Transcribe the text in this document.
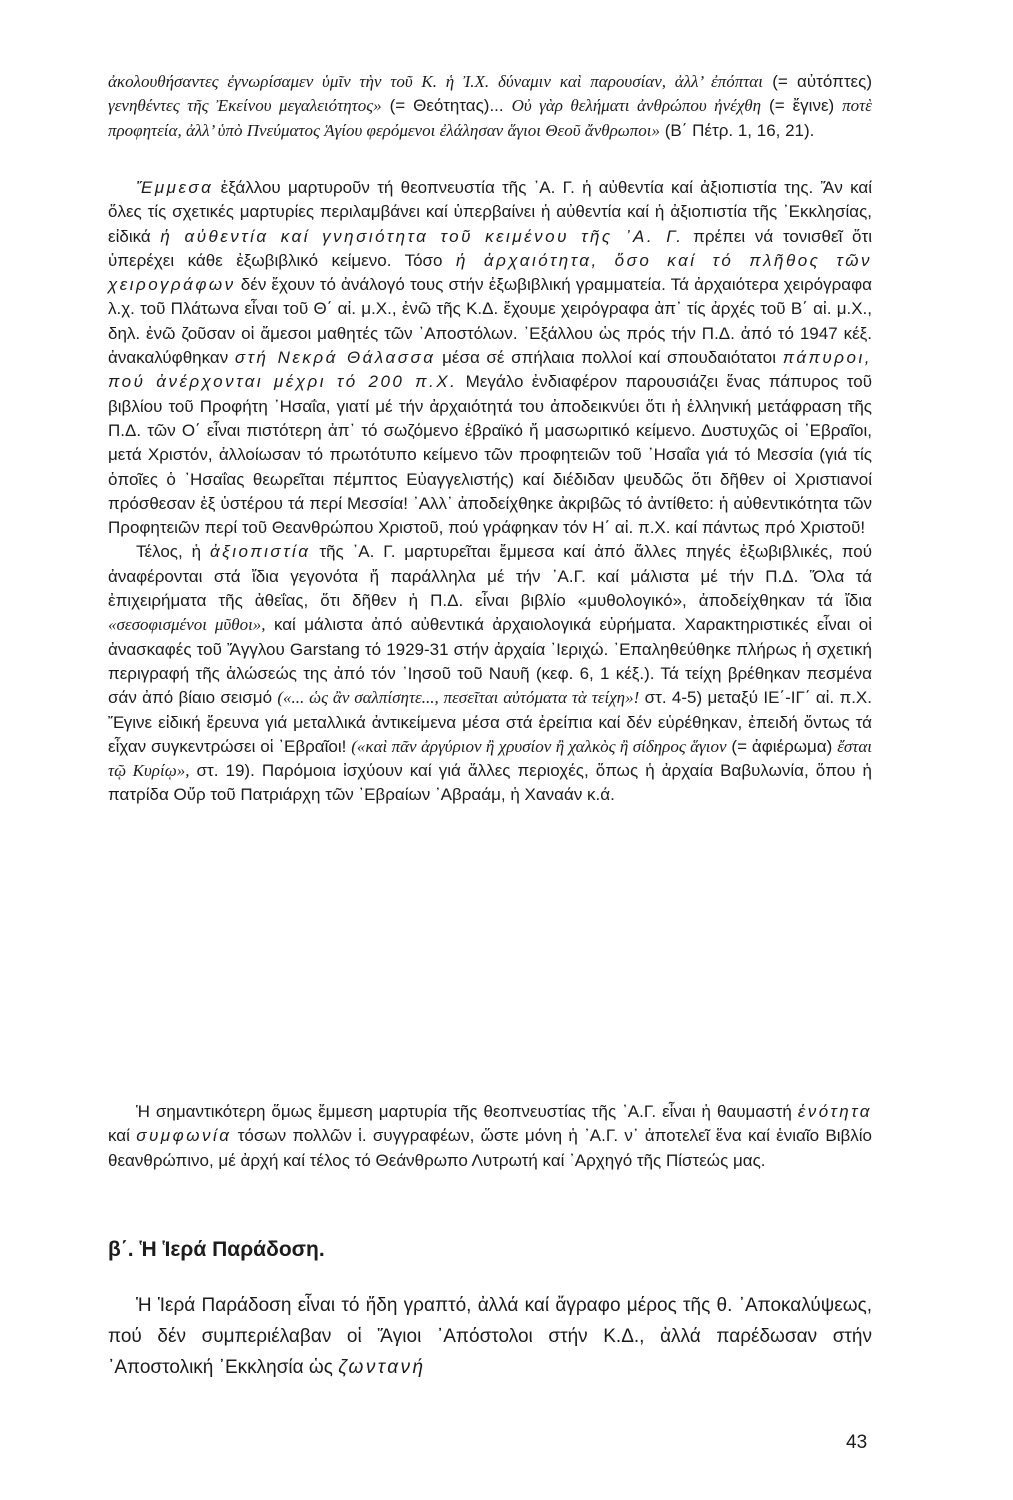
ἀκολουθήσαντες ἐγνωρίσαμεν ὑμῖν τὴν τοῦ Κ. ἡ Ἰ.Χ. δύναμιν καὶ παρουσίαν, ἀλλ’ ἐπόπται (= αὐτόπτες) γενηθέντες τῆς Ἐκείνου μεγαλειότητος» (= Θεότητας)... Οὐ γὰρ θελήματι ἀνθρώπου ἠνέχθη (= ἔγινε) ποτὲ προφητεία, ἀλλ’ ὑπὸ Πνεύματος Ἁγίου φερόμενοι ἐλάλησαν ἅγιοι Θεοῦ ἄνθρωποι» (Β΄ Πέτρ. 1, 16, 21).

Ἔμμεσα ἐξάλλου μαρτυροῦν τή θεοπνευστία τῆς ᾿Α. Γ. ἡ αὐθεντία καί ἀξιοπιστία της. Ἄν καί ὅλες τίς σχετικές μαρτυρίες περιλαμβάνει καί ὑπερβαίνει ἡ αὐθεντία καί ἡ ἀξιοπιστία τῆς ᾿Εκκλησίας, εἰδικά ἡ αὐθεντία καί γνησιότητα τοῦ κειμένου τῆς ᾿Α. Γ. πρέπει νά τονισθεῖ ὅτι ὑπερέχει κάθε ἐξωβιβλικό κείμενο. Τόσο ἡ ἀρχαιότητα, ὅσο καί τό πλῆθος τῶν χειρογράφων δέν ἔχουν τό ἀνάλογό τους στήν ἐξωβιβλική γραμματεία. Τά ἀρχαιότερα χειρόγραφα λ.χ. τοῦ Πλάτωνα εἶναι τοῦ Θ΄ αἰ. μ.Χ., ἐνῶ τῆς Κ.Δ. ἔχουμε χειρόγραφα ἀπ᾿ τίς ἀρχές τοῦ Β΄ αἰ. μ.Χ., δηλ. ἐνῶ ζοῦσαν οἱ ἄμεσοι μαθητές τῶν ᾿Αποστόλων. ᾿Εξάλλου ὡς πρός τήν Π.Δ. ἀπό τό 1947 κέξ. ἀνακαλύφθηκαν στή Νεκρά Θάλασσα μέσα σέ σπήλαια πολλοί καί σπουδαιότατοι πάπυροι, πού ἀνέρχονται μέχρι τό 200 π.Χ. Μεγάλο ἐνδιαφέρον παρουσιάζει ἕνας πάπυρος τοῦ βιβλίου τοῦ Προφήτη ᾿Ησαΐα, γιατί μέ τήν ἀρχαιότητά του ἀποδεικνύει ὅτι ἡ ἑλληνική μετάφραση τῆς Π.Δ. τῶν Ο΄ εἶναι πιστότερη ἀπ᾿ τό σωζόμενο ἑβραϊκό ἤ μασωριτικό κείμενο. Δυστυχῶς οἱ ᾿Εβραῖοι, μετά Χριστόν, ἀλλοίωσαν τό πρωτότυπο κείμενο τῶν προφητειῶν τοῦ ᾿Ησαΐα γιά τό Μεσσία (γιά τίς ὁποῖες ὁ ᾿Ησαΐας θεωρεῖται πέμπτος Εὐαγγελιστής) καί διέδιδαν ψευδῶς ὅτι δῆθεν οἱ Χριστιανοί πρόσθεσαν ἐξ ὑστέρου τά περί Μεσσία! ᾿Αλλ᾿ ἀποδείχθηκε ἀκριβῶς τό ἀντίθετο: ἡ αὐθεντικότητα τῶν Προφητειῶν περί τοῦ Θεανθρώπου Χριστοῦ, πού γράφηκαν τόν Η΄ αἰ. π.Χ. καί πάντως πρό Χριστοῦ!

Τέλος, ἡ ἀξιοπιστία τῆς ᾿Α. Γ. μαρτυρεῖται ἔμμεσα καί ἀπό ἄλλες πηγές ἐξωβιβλικές, πού ἀναφέρονται στά ἴδια γεγονότα ἤ παράλληλα μέ τήν ᾿Α.Γ. καί μάλιστα μέ τήν Π.Δ. Ὅλα τά ἐπιχειρήματα τῆς ἀθεΐας, ὅτι δῆθεν ἡ Π.Δ. εἶναι βιβλίο «μυθολογικό», ἀποδείχθηκαν τά ἴδια «σεσοφισμένοι μῦθοι», καί μάλιστα ἀπό αὐθεντικά ἀρχαιολογικά εὑρήματα. Χαρακτηριστικές εἶναι οἱ ἀνασκαφές τοῦ Ἄγγλου Garstang τό 1929-31 στήν ἀρχαία ᾿Ιεριχώ. ᾿Επαληθεύθηκε πλήρως ἡ σχετική περιγραφή τῆς ἁλώσεώς της ἀπό τόν ᾿Ιησοῦ τοῦ Ναυῆ (κεφ. 6, 1 κέξ.). Τά τείχη βρέθηκαν πεσμένα σάν ἀπό βίαιο σεισμό («... ὡς ἂν σαλπίσητε..., πεσεῖται αὐτόματα τὰ τείχη»! στ. 4-5) μεταξύ ΙΕ΄-ΙΓ΄ αἰ. π.Χ. Ἔγινε εἰδική ἔρευνα γιά μεταλλικά ἀντικείμενα μέσα στά ἐρείπια καί δέν εὑρέθηκαν, ἐπειδή ὄντως τά εἶχαν συγκεντρώσει οἱ ᾿Εβραῖοι! («καὶ πᾶν ἀργύριον ἢ χρυσίον ἢ χαλκὸς ἢ σίδηρος ἅγιον (= ἀφιέρωμα) ἔσται τῷ Κυρίῳ», στ. 19). Παρόμοια ἰσχύουν καί γιά ἄλλες περιοχές, ὅπως ἡ ἀρχαία Βαβυλωνία, ὅπου ἡ πατρίδα Οὔρ τοῦ Πατριάρχη τῶν ᾿Εβραίων ᾿Αβραάμ, ἡ Χαναάν κ.ά.

Ἡ σημαντικότερη ὅμως ἔμμεση μαρτυρία τῆς θεοπνευστίας τῆς ᾿Α.Γ. εἶναι ἡ θαυμαστή ἑνότητα καί συμφωνία τόσων πολλῶν ἱ. συγγραφέων, ὥστε μόνη ἡ ᾿Α.Γ. ν᾿ ἀποτελεῖ ἕνα καί ἑνιαῖο Βιβλίο θεανθρώπινο, μέ ἀρχή καί τέλος τό Θεάνθρωπο Λυτρωτή καί ᾿Αρχηγό τῆς Πίστεώς μας.

β΄. Ἡ Ἱερά Παράδοση.

Ἡ Ἱερά Παράδοση εἶναι τό ἤδη γραπτό, ἀλλά καί ἄγραφο μέρος τῆς θ. ᾿Αποκαλύψεως, πού δέν συμπεριέλαβαν οἱ Ἅγιοι ᾿Απόστολοι στήν Κ.Δ., ἀλλά παρέδωσαν στήν ᾿Αποστολική ᾿Εκκλησία ὡς ζωντανή

43
